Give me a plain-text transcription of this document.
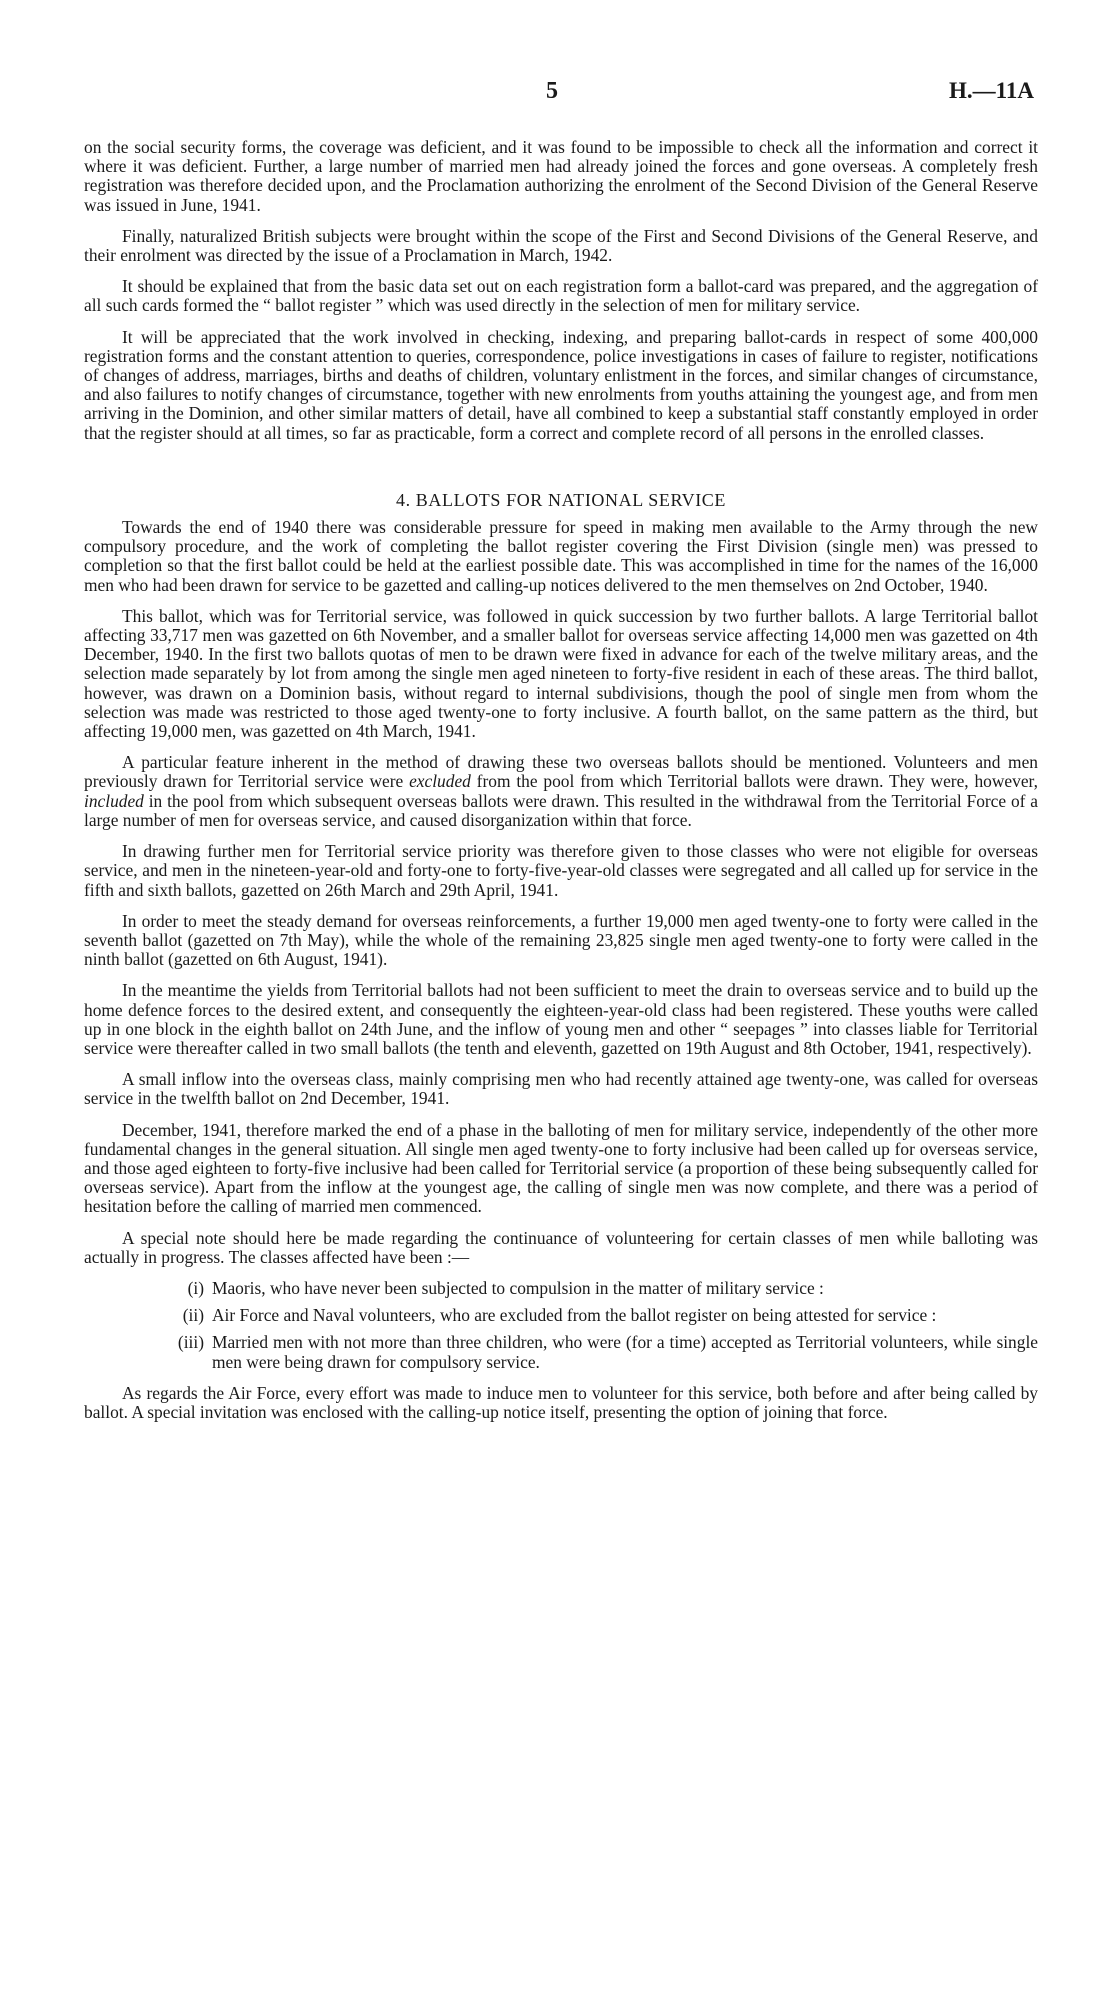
5	H.—11A

on the social security forms, the coverage was deficient, and it was found to be impossible to check all the information and correct it where it was deficient. Further, a large number of married men had already joined the forces and gone overseas. A completely fresh registration was therefore decided upon, and the Proclamation authorizing the enrolment of the Second Division of the General Reserve was issued in June, 1941.

Finally, naturalized British subjects were brought within the scope of the First and Second Divisions of the General Reserve, and their enrolment was directed by the issue of a Proclamation in March, 1942.

It should be explained that from the basic data set out on each registration form a ballot-card was prepared, and the aggregation of all such cards formed the “ ballot register ” which was used directly in the selection of men for military service.

It will be appreciated that the work involved in checking, indexing, and preparing ballot-cards in respect of some 400,000 registration forms and the constant attention to queries, correspondence, police investigations in cases of failure to register, notifications of changes of address, marriages, births and deaths of children, voluntary enlistment in the forces, and similar changes of circumstance, and also failures to notify changes of circumstance, together with new enrolments from youths attaining the youngest age, and from men arriving in the Dominion, and other similar matters of detail, have all combined to keep a substantial staff constantly employed in order that the register should at all times, so far as practicable, form a correct and complete record of all persons in the enrolled classes.

4. BALLOTS FOR NATIONAL SERVICE

Towards the end of 1940 there was considerable pressure for speed in making men available to the Army through the new compulsory procedure, and the work of completing the ballot register covering the First Division (single men) was pressed to completion so that the first ballot could be held at the earliest possible date. This was accomplished in time for the names of the 16,000 men who had been drawn for service to be gazetted and calling-up notices delivered to the men themselves on 2nd October, 1940.

This ballot, which was for Territorial service, was followed in quick succession by two further ballots. A large Territorial ballot affecting 33,717 men was gazetted on 6th November, and a smaller ballot for overseas service affecting 14,000 men was gazetted on 4th December, 1940. In the first two ballots quotas of men to be drawn were fixed in advance for each of the twelve military areas, and the selection made separately by lot from among the single men aged nineteen to forty-five resident in each of these areas. The third ballot, however, was drawn on a Dominion basis, without regard to internal subdivisions, though the pool of single men from whom the selection was made was restricted to those aged twenty-one to forty inclusive. A fourth ballot, on the same pattern as the third, but affecting 19,000 men, was gazetted on 4th March, 1941.

A particular feature inherent in the method of drawing these two overseas ballots should be mentioned. Volunteers and men previously drawn for Territorial service were excluded from the pool from which Territorial ballots were drawn. They were, however, included in the pool from which subsequent overseas ballots were drawn. This resulted in the withdrawal from the Territorial Force of a large number of men for overseas service, and caused disorganization within that force.

In drawing further men for Territorial service priority was therefore given to those classes who were not eligible for overseas service, and men in the nineteen-year-old and forty-one to forty-five-year-old classes were segregated and all called up for service in the fifth and sixth ballots, gazetted on 26th March and 29th April, 1941.

In order to meet the steady demand for overseas reinforcements, a further 19,000 men aged twenty-one to forty were called in the seventh ballot (gazetted on 7th May), while the whole of the remaining 23,825 single men aged twenty-one to forty were called in the ninth ballot (gazetted on 6th August, 1941).

In the meantime the yields from Territorial ballots had not been sufficient to meet the drain to overseas service and to build up the home defence forces to the desired extent, and consequently the eighteen-year-old class had been registered. These youths were called up in one block in the eighth ballot on 24th June, and the inflow of young men and other “ seepages ” into classes liable for Territorial service were thereafter called in two small ballots (the tenth and eleventh, gazetted on 19th August and 8th October, 1941, respectively).

A small inflow into the overseas class, mainly comprising men who had recently attained age twenty-one, was called for overseas service in the twelfth ballot on 2nd December, 1941.

December, 1941, therefore marked the end of a phase in the balloting of men for military service, independently of the other more fundamental changes in the general situation. All single men aged twenty-one to forty inclusive had been called up for overseas service, and those aged eighteen to forty-five inclusive had been called for Territorial service (a proportion of these being subsequently called for overseas service). Apart from the inflow at the youngest age, the calling of single men was now complete, and there was a period of hesitation before the calling of married men commenced.

A special note should here be made regarding the continuance of volunteering for certain classes of men while balloting was actually in progress. The classes affected have been :—

(i) Maoris, who have never been subjected to compulsion in the matter of military service :
(ii) Air Force and Naval volunteers, who are excluded from the ballot register on being attested for service :
(iii) Married men with not more than three children, who were (for a time) accepted as Territorial volunteers, while single men were being drawn for compulsory service.

As regards the Air Force, every effort was made to induce men to volunteer for this service, both before and after being called by ballot. A special invitation was enclosed with the calling-up notice itself, presenting the option of joining that force.
